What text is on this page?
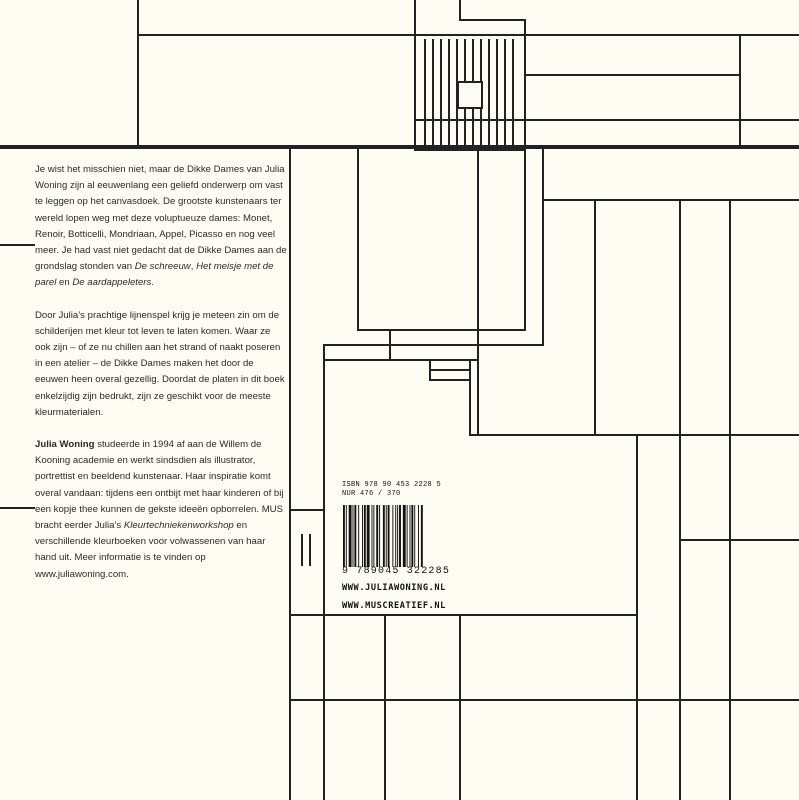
Je wist het misschien niet, maar de Dikke Dames van Julia Woning zijn al eeuwenlang een geliefd onderwerp om vast te leggen op het canvasdoek. De grootste kunstenaars ter wereld lopen weg met deze voluptueuze dames: Monet, Renoir, Botticelli, Mondriaan, Appel, Picasso en nog veel meer. Je had vast niet gedacht dat de Dikke Dames aan de grondslag stonden van De schreeuw, Het meisje met de parel en De aardappeleters.

Door Julia’s prachtige lijnenspel krijg je meteen zin om de schilderijen met kleur tot leven te laten komen. Waar ze ook zijn – of ze nu chillen aan het strand of naakt poseren in een atelier – de Dikke Dames maken het door de eeuwen heen overal gezellig. Doordat de platen in dit boek enkelzijdig zijn bedrukt, zijn ze geschikt voor de meeste kleurmaterialen.

Julia Woning studeerde in 1994 af aan de Willem de Kooning academie en werkt sindsdien als illustrator, portrettist en beeldend kunstenaar. Haar inspiratie komt overal vandaan: tijdens een ontbijt met haar kinderen of bij een kopje thee kunnen de gekste ideeën opborrelen. MUS bracht eerder Julia’s Kleurtechniekenworkshop en verschillende kleurboeken voor volwassenen van haar hand uit. Meer informatie is te vinden op www.juliawoning.com.

ISBN 978 90 453 2228 5
NUR 476 / 370
9 789045 322285
WWW.JULIAWONING.NL
WWW.MUSCREATIEF.NL
